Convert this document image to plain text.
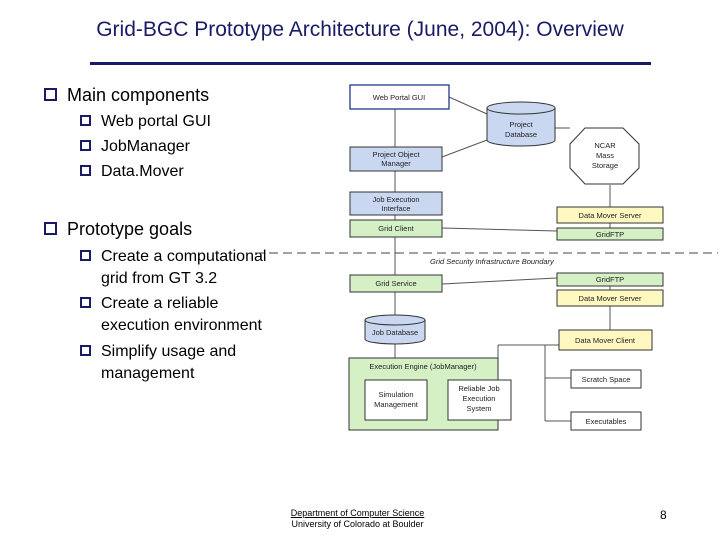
Grid-BGC Prototype Architecture (June, 2004): Overview
Main components
Web portal GUI
JobManager
Data.Mover
Prototype goals
Create a computational
grid from GT 3.2
Create a reliable
execution environment
Simplify usage and
management
Grid Security Infrastructure Boundary
Web Portal GUI
Project
Database
Project Object
Manager
NCAR
Mass
Storage
Job Execution
Interface
Grid Client
Data Mover Server
GridFTP
Grid Service	GridFTP
Data Mover Server
Job Database
Data Mover Client
Execution Engine (JobManager)
Simulation
Management
Reliable Job
Execution
System
Scratch Space
Executables
Department of Computer Science
University of Colorado at Boulder
8
